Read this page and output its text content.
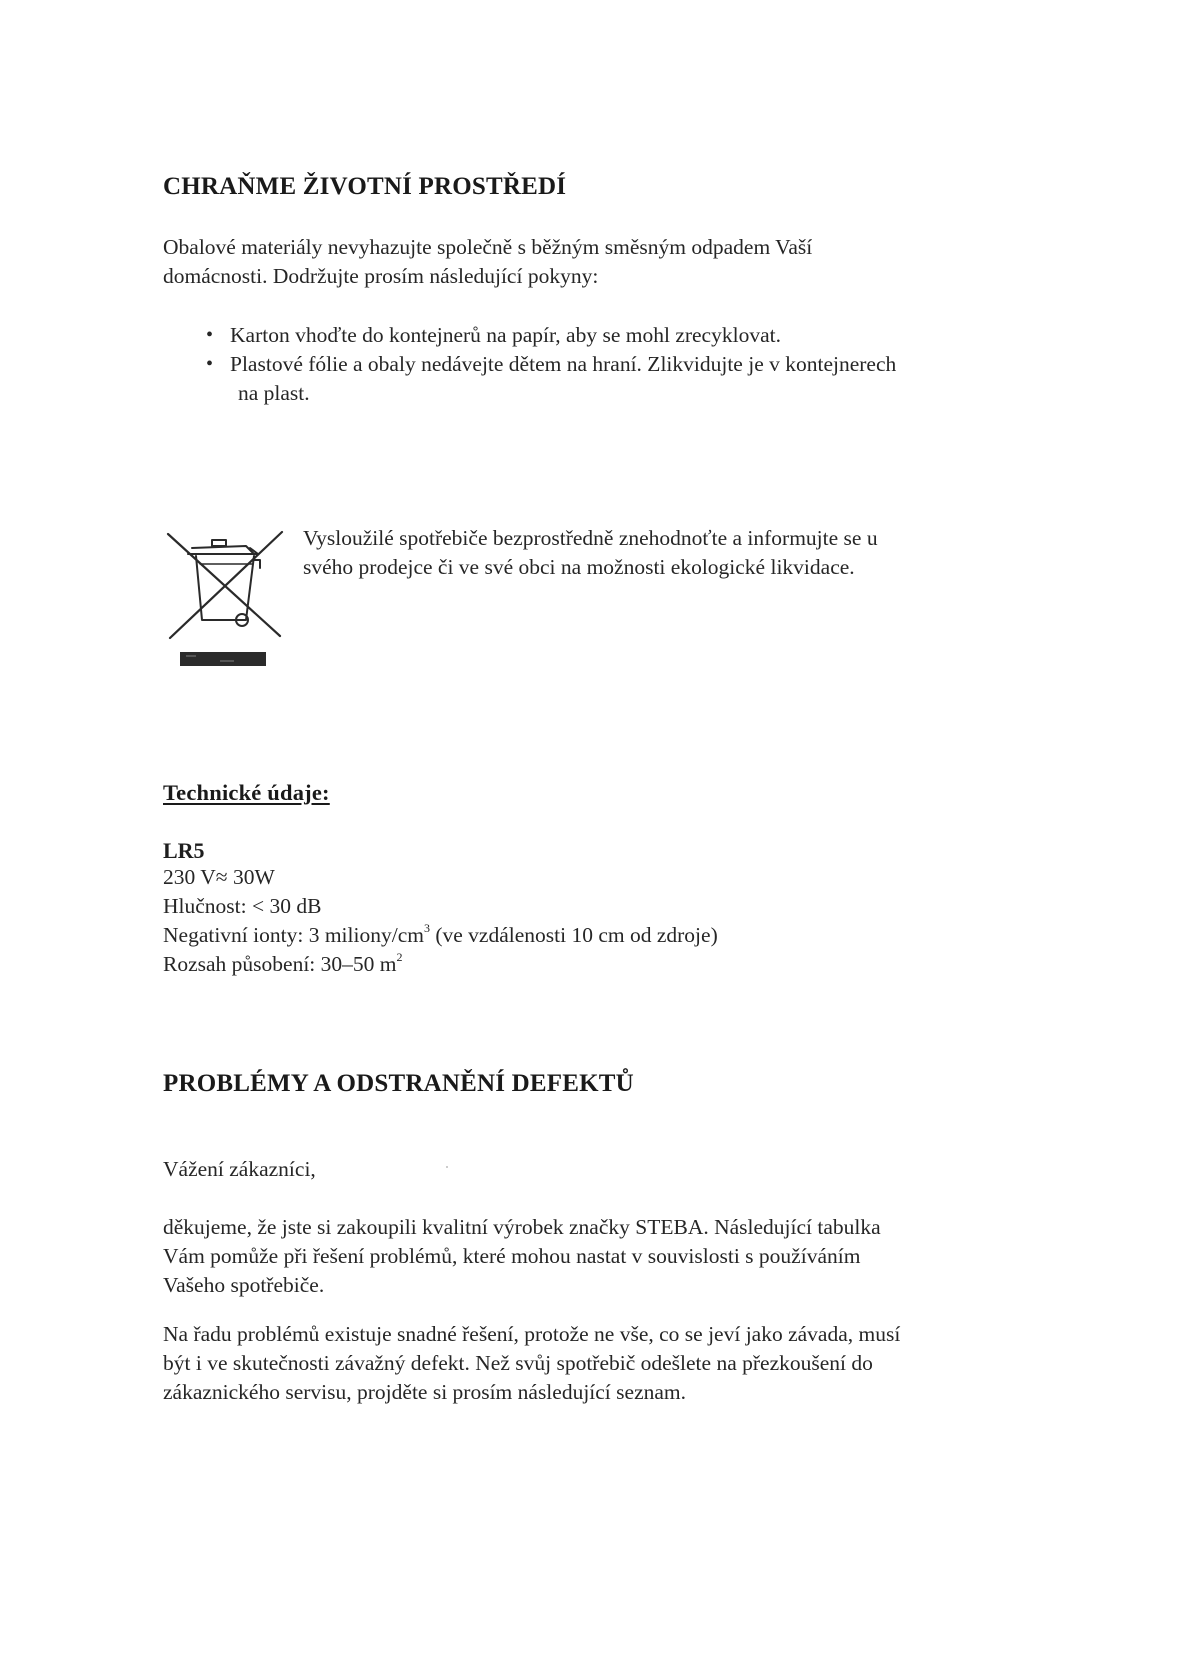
CHRAŇME ŽIVOTNÍ PROSTŘEDÍ

Obalové materiály nevyhazujte společně s běžným směsným odpadem Vaší
domácnosti. Dodržujte prosím následující pokyny:

• Karton vhoďte do kontejnerů na papír, aby se mohl zrecyklovat.
• Plastové fólie a obaly nedávejte dětem na hraní. Zlikvidujte je v kontejnerech
na plast.

Vysloužilé spotřebiče bezprostředně znehodnoťte a informujte se u
svého prodejce či ve své obci na možnosti ekologické likvidace.

Technické údaje:
LR5
230 V≈ 30W
Hlučnost: < 30 dB
Negativní ionty: 3 miliony/$cm^3$ (ve vzdálenosti 10 cm od zdroje)
Rozsah působení: 30–50 $m^2$
PROBLÉMY A ODSTRANĚNÍ DEFEKTŮ

Vážení zákazníci,

děkujeme, že jste si zakoupili kvalitní výrobek značky STEBA. Následující tabulka
Vám pomůže při řešení problémů, které mohou nastat v souvislosti s používáním
Vašeho spotřebiče.

Na řadu problémů existuje snadné řešení, protože ne vše, co se jeví jako závada, musí
být i ve skutečnosti závažný defekt. Než svůj spotřebič odešlete na přezkoušení do
zákaznického servisu, projděte si prosím následující seznam.
